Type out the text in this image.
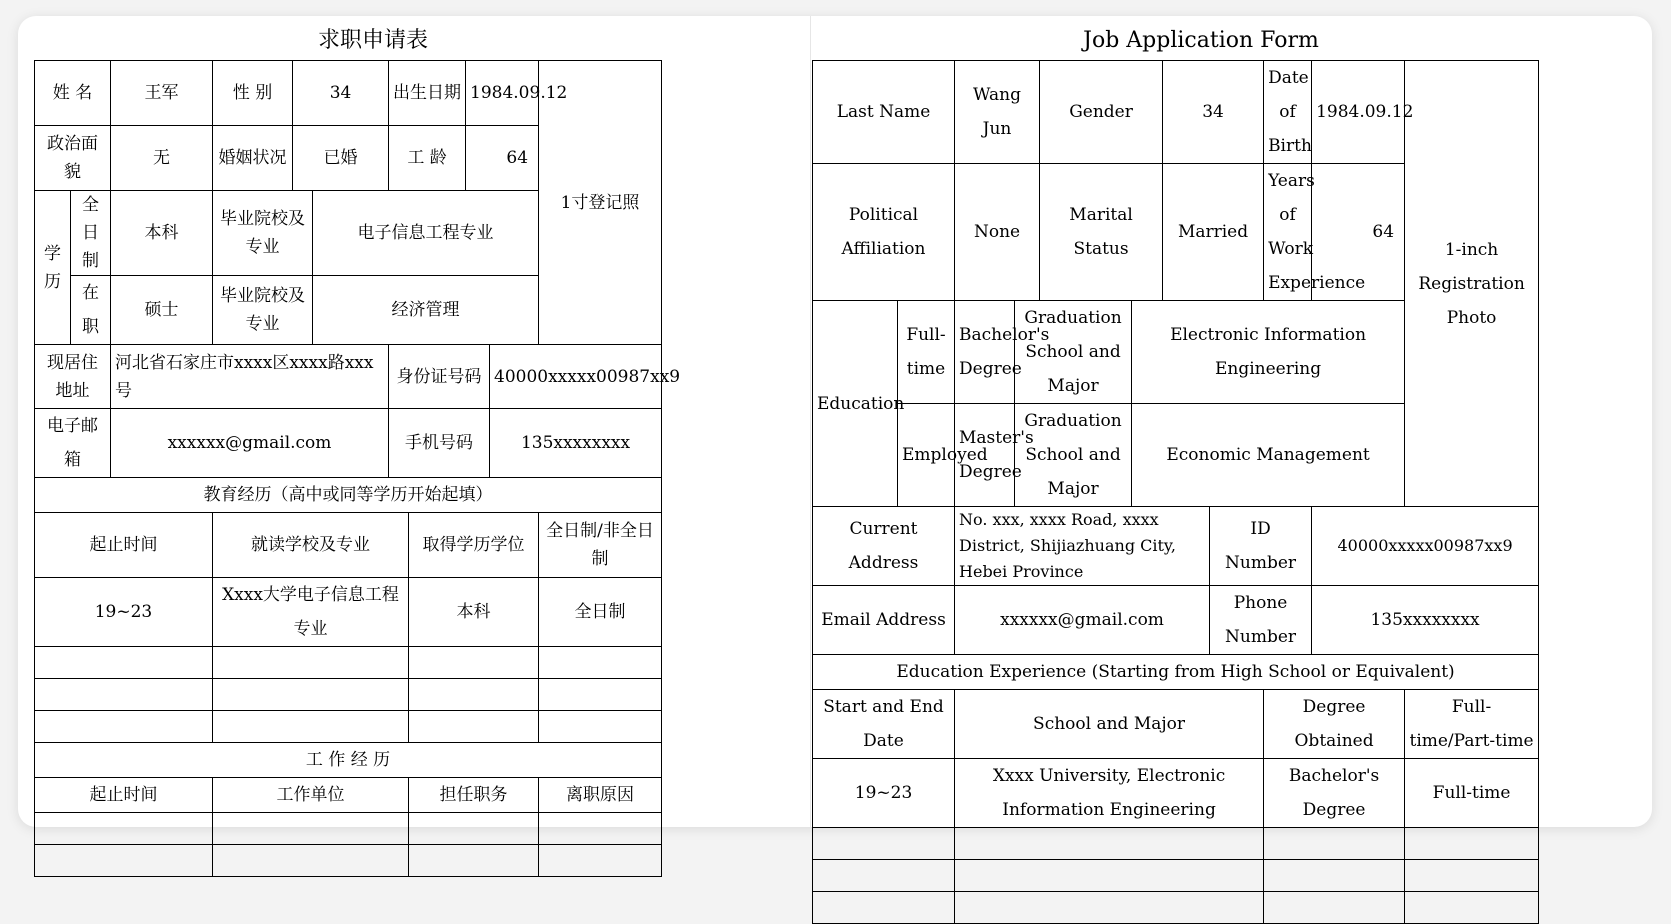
求职申请表
姓 名		王军	性 别	34		出生日期		1984.09.12		1寸登记照
政治面貌		无	婚姻状况	已婚		工 龄		64		
学历	全日制	本科	毕业院校及专业		电子信息工程专业					
	在 职	硕士	毕业院校及专业		经济管理					
现居住地址		河北省石家庄市xxxx区xxxx路xxx号				身份证号码			40000xxxxx00987xx9	
电子邮箱		xxxxxx@gmail.com				手机号码			135xxxxxxxx	
教育经历（高中或同等学历开始起填）										
起止时间			就读学校及专业				取得学历学位			全日制/非全日制
19~23			Xxxx大学电子信息工程专业				本科			全日制

工 作 经 历										
起止时间			工作单位				担任职务			离职原因

Job Application Form
Last Name		Wang Jun		Gender		34		Date of Birth	1984.09.12	1-inch Registration Photo
Political Affiliation		None		Marital Status		Married		Years of Work Experience	64	
Education	Full-time	Bachelor's Degree	Graduation School and Major		Electronic Information Engineering					
	Employed	Master's Degree	Graduation School and Major		Economic Management					
Current Address		No. xxx, xxxx Road, xxxx District, Shijiazhuang City, Hebei Province					ID Number		40000xxxxx00987xx9	
Email Address		xxxxxx@gmail.com					Phone Number		135xxxxxxxx	
Education Experience (Starting from High School or Equivalent)										
Start and End Date		School and Major						Degree Obtained		Full-time/Part-time
19~23		Xxxx University, Electronic Information Engineering						Bachelor's Degree		Full-time
